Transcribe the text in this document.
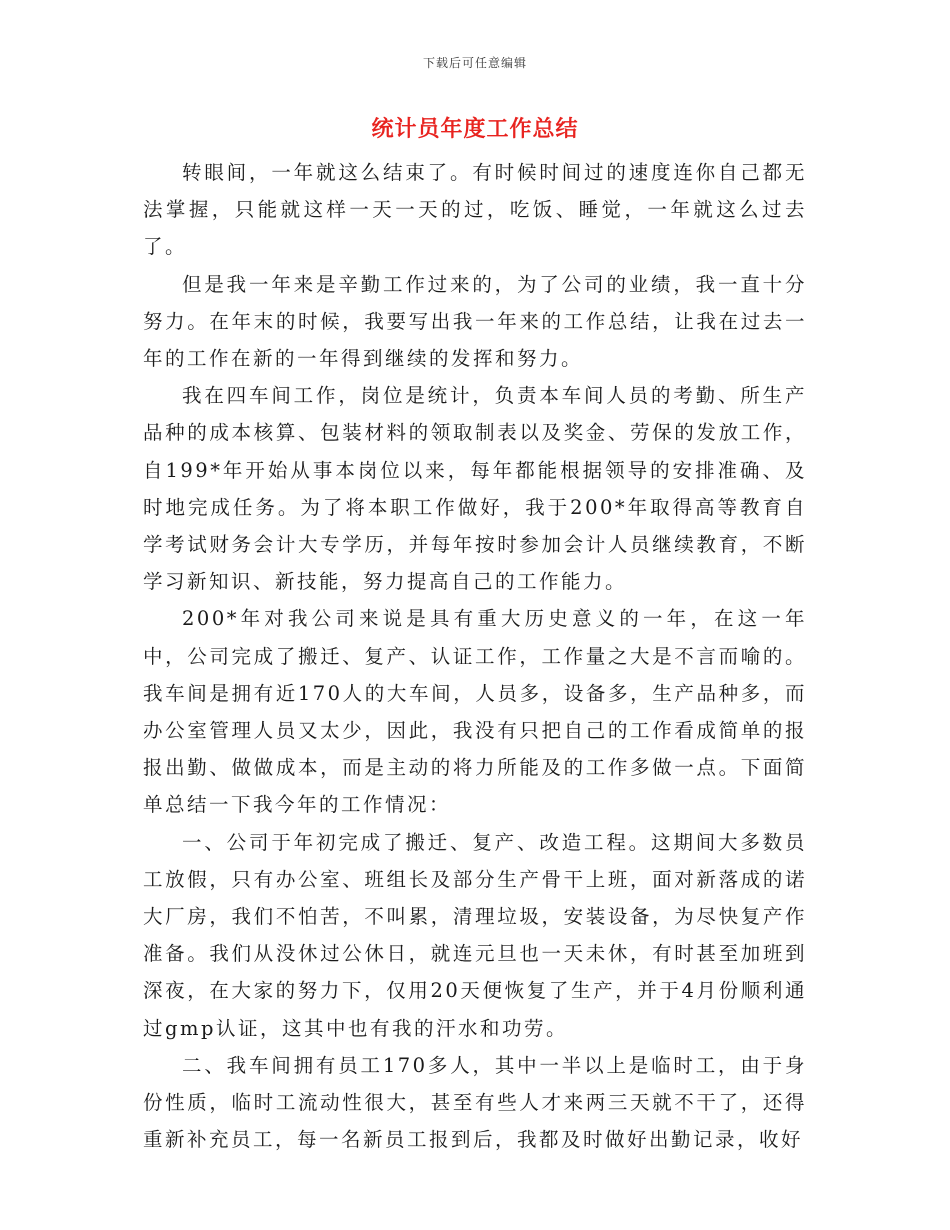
下载后可任意编辑
统计员年度工作总结

转眼间，一年就这么结束了。有时候时间过的速度连你自己都无法掌握，只能就这样一天一天的过，吃饭、睡觉，一年就这么过去了。

但是我一年来是辛勤工作过来的，为了公司的业绩，我一直十分努力。在年末的时候，我要写出我一年来的工作总结，让我在过去一年的工作在新的一年得到继续的发挥和努力。

我在四车间工作，岗位是统计，负责本车间人员的考勤、所生产品种的成本核算、包装材料的领取制表以及奖金、劳保的发放工作，自199*年开始从事本岗位以来，每年都能根据领导的安排准确、及时地完成任务。为了将本职工作做好，我于200*年取得高等教育自学考试财务会计大专学历，并每年按时参加会计人员继续教育，不断学习新知识、新技能，努力提高自己的工作能力。

200*年对我公司来说是具有重大历史意义的一年，在这一年中，公司完成了搬迁、复产、认证工作，工作量之大是不言而喻的。我车间是拥有近170人的大车间，人员多，设备多，生产品种多，而办公室管理人员又太少，因此，我没有只把自己的工作看成简单的报报出勤、做做成本，而是主动的将力所能及的工作多做一点。下面简单总结一下我今年的工作情况：

一、公司于年初完成了搬迁、复产、改造工程。这期间大多数员工放假，只有办公室、班组长及部分生产骨干上班，面对新落成的诺大厂房，我们不怕苦，不叫累，清理垃圾，安装设备，为尽快复产作准备。我们从没休过公休日，就连元旦也一天未休，有时甚至加班到深夜，在大家的努力下，仅用20天便恢复了生产，并于4月份顺利通过gmp认证，这其中也有我的汗水和功劳。

二、我车间拥有员工170多人，其中一半以上是临时工，由于身份性质，临时工流动性很大，甚至有些人才来两三天就不干了，还得重新补充员工，每一名新员工报到后，我都及时做好出勤记录，收好
